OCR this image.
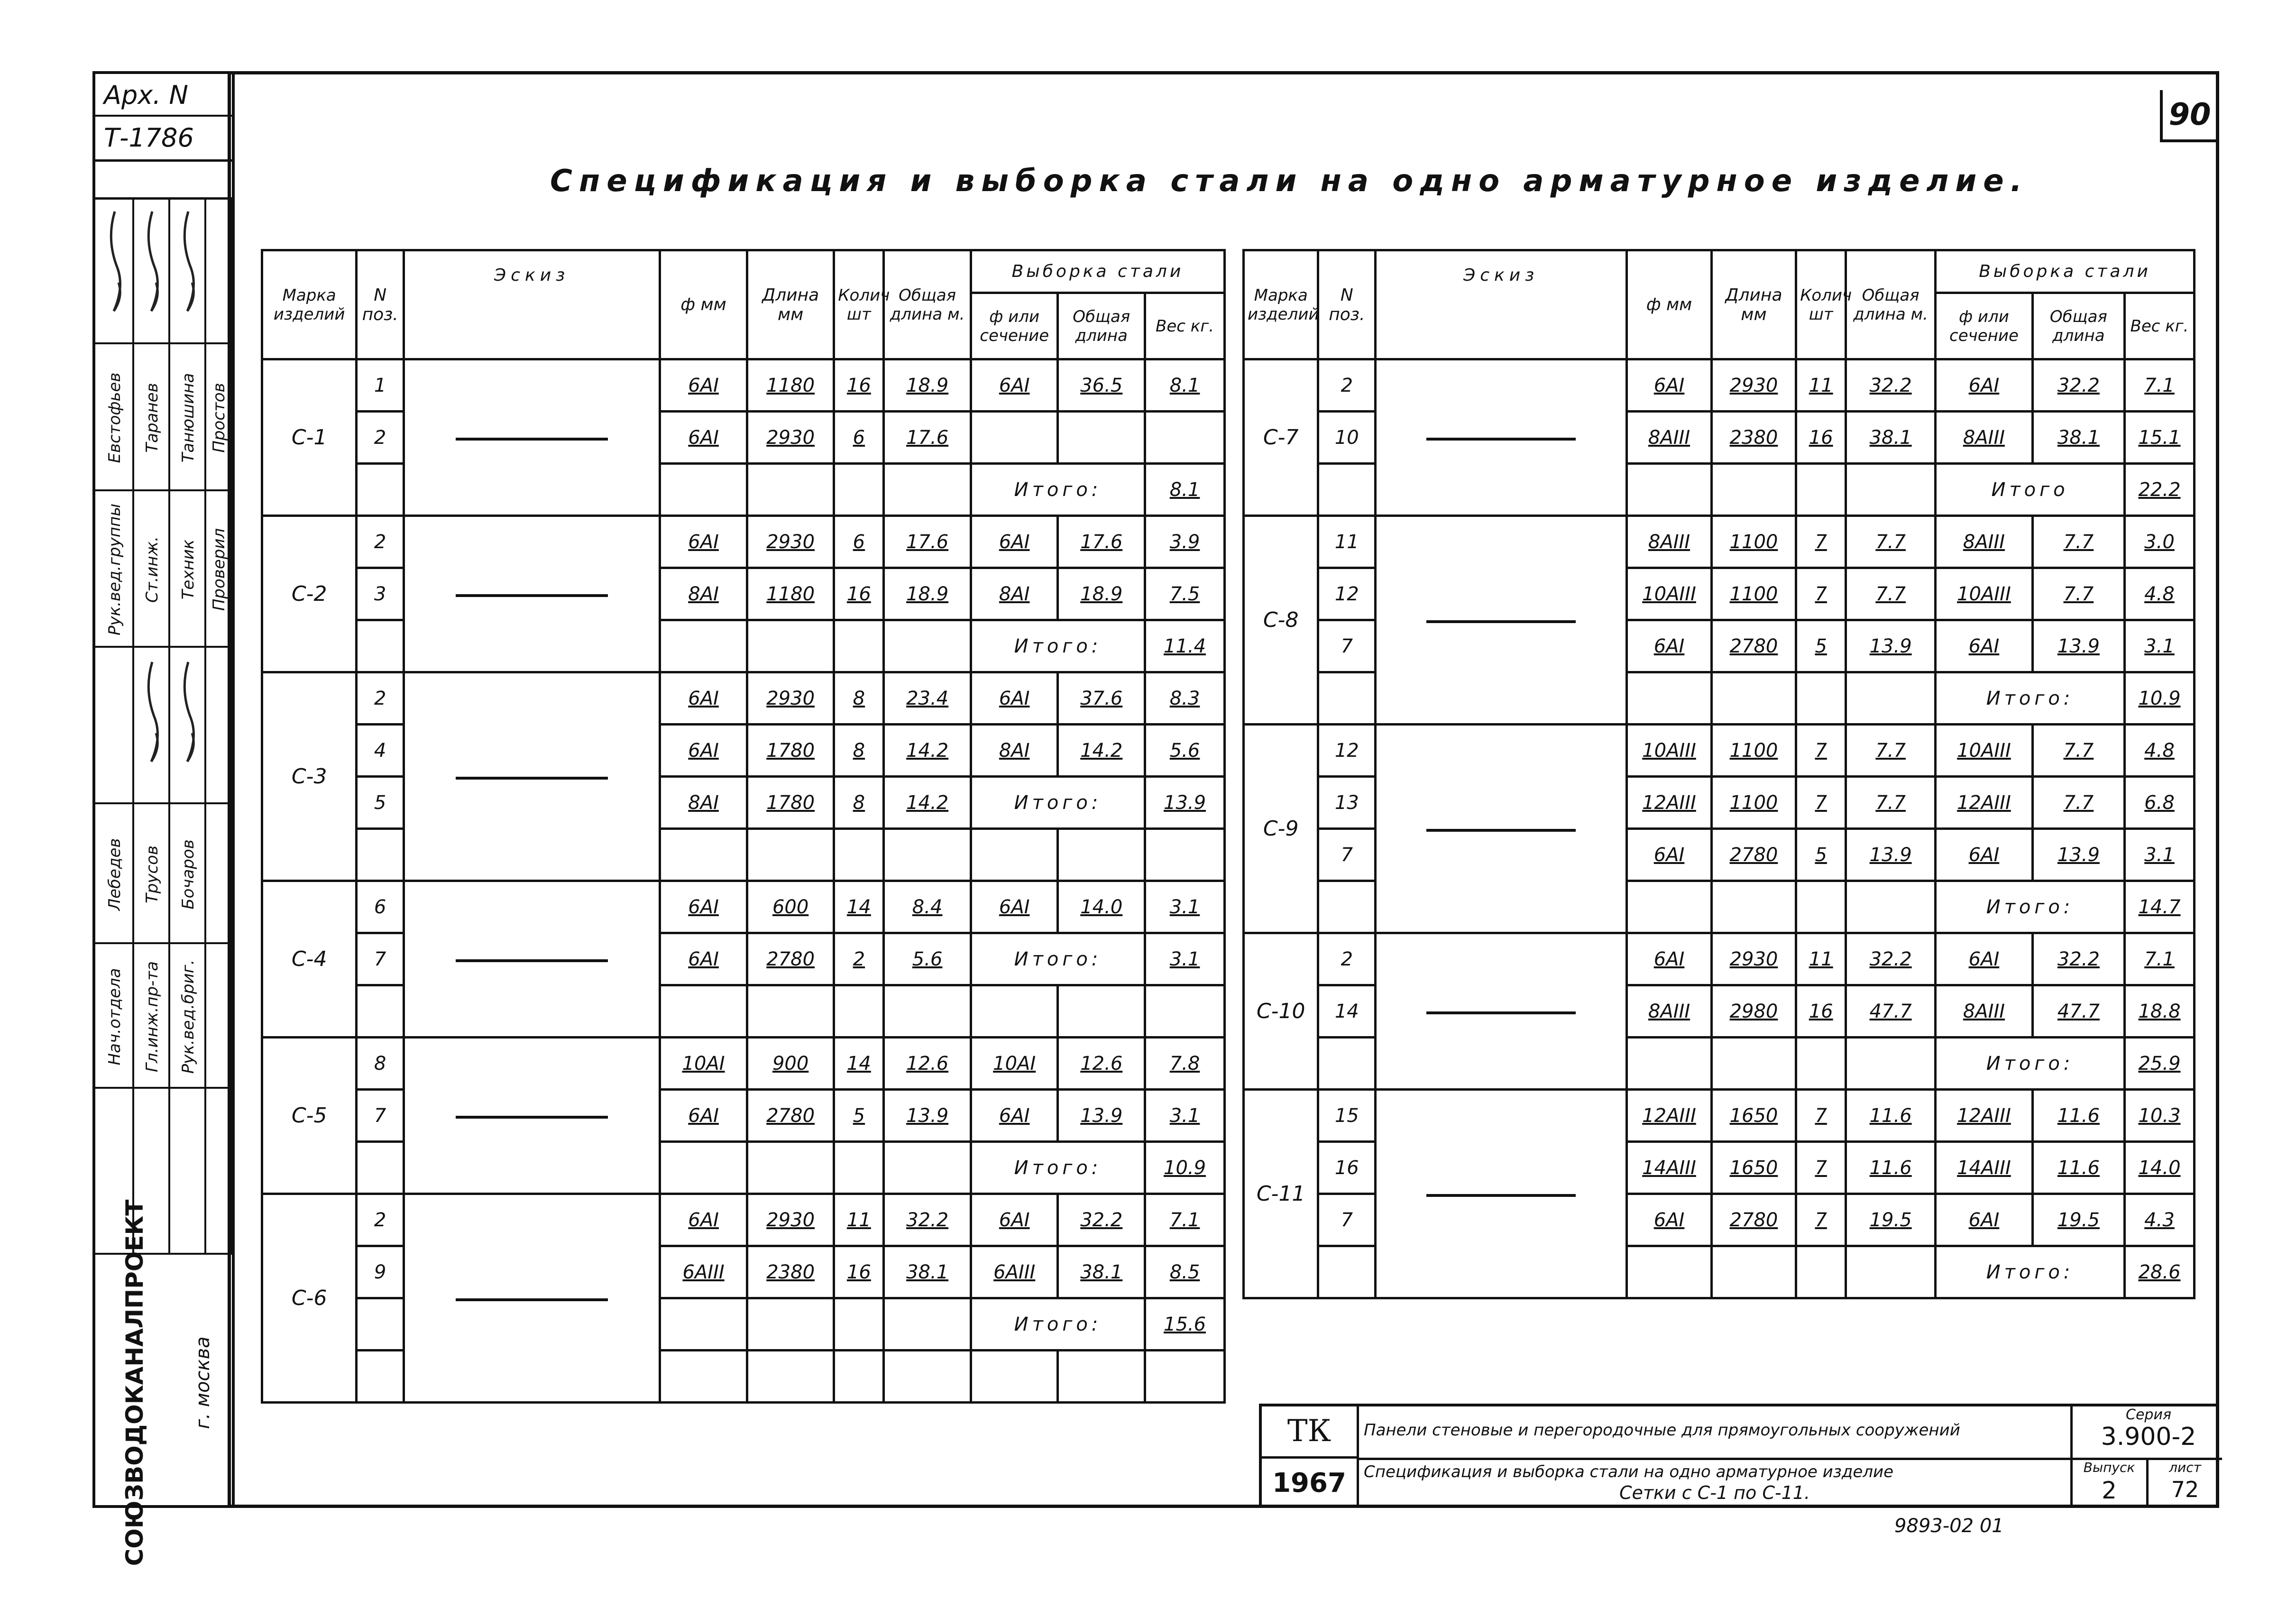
90
Спецификация и выборка стали на одно арматурное изделие.
Арх. N
Т-1786
Евстофьев Таранев Танюшина Простов
Рук.вед.группы Ст.инж. Техник Проверил
Лебедев Трусов Бочаров
Нач.отдела Гл.инж.пр-та Рук.вед.бриг.
СОЮЗВОДОКАНАЛПРОЕКТ г. москва
Марка изделий	N поз.	Эскиз	ф мм	Длина мм	Колич шт	Общая длина м.	Выборка стали		
							ф или сечение	Общая длина	Вес кг.
С-1	1		6АI	1180	16	18.9	6АI	36.5	8.1
	2		6АI	2930	6	17.6			
							Итого:		8.1
С-2	2		6АI	2930	6	17.6	6АI	17.6	3.9
	3		8АI	1180	16	18.9	8АI	18.9	7.5
							Итого:		11.4
С-3	2		6АI	2930	8	23.4	6АI	37.6	8.3
	4		6АI	1780	8	14.2	8АI	14.2	5.6
	5		8АI	1780	8	14.2	Итого:		13.9

С-4	6		6АI	600	14	8.4	6АI	14.0	3.1
	7		6АI	2780	2	5.6	Итого:		3.1

С-5	8		10АI	900	14	12.6	10АI	12.6	7.8
	7		6АI	2780	5	13.9	6АI	13.9	3.1
							Итого:		10.9
С-6	2		6АI	2930	11	32.2	6АI	32.2	7.1
	9		6АIII	2380	16	38.1	6АIII	38.1	8.5
							Итого:		15.6

Марка изделий	N поз.	Эскиз	ф мм	Длина мм	Колич шт	Общая длина м.	Выборка стали		
							ф или сечение	Общая длина	Вес кг.
С-7	2		6АI	2930	11	32.2	6АI	32.2	7.1
	10		8АIII	2380	16	38.1	8АIII	38.1	15.1
							Итого		22.2
С-8	11		8АIII	1100	7	7.7	8АIII	7.7	3.0
	12		10АIII	1100	7	7.7	10АIII	7.7	4.8
	7		6АI	2780	5	13.9	6АI	13.9	3.1
							Итого:		10.9
С-9	12		10АIII	1100	7	7.7	10АIII	7.7	4.8
	13		12АIII	1100	7	7.7	12АIII	7.7	6.8
	7		6АI	2780	5	13.9	6АI	13.9	3.1
							Итого:		14.7
С-10	2		6АI	2930	11	32.2	6АI	32.2	7.1
	14		8АIII	2980	16	47.7	8АIII	47.7	18.8
							Итого:		25.9
С-11	15		12АIII	1650	7	11.6	12АIII	11.6	10.3
	16		14АIII	1650	7	11.6	14АIII	11.6	14.0
	7		6АI	2780	7	19.5	6АI	19.5	4.3
							Итого:		28.6
ТК
1967
Панели стеновые и перегородочные для прямоугольных сооружений
Спецификация и выборка стали на одно арматурное изделие
Сетки с С-1 по С-11.
Серия
3.900-2
Выпуск
2
лист
72
9893-02 01
